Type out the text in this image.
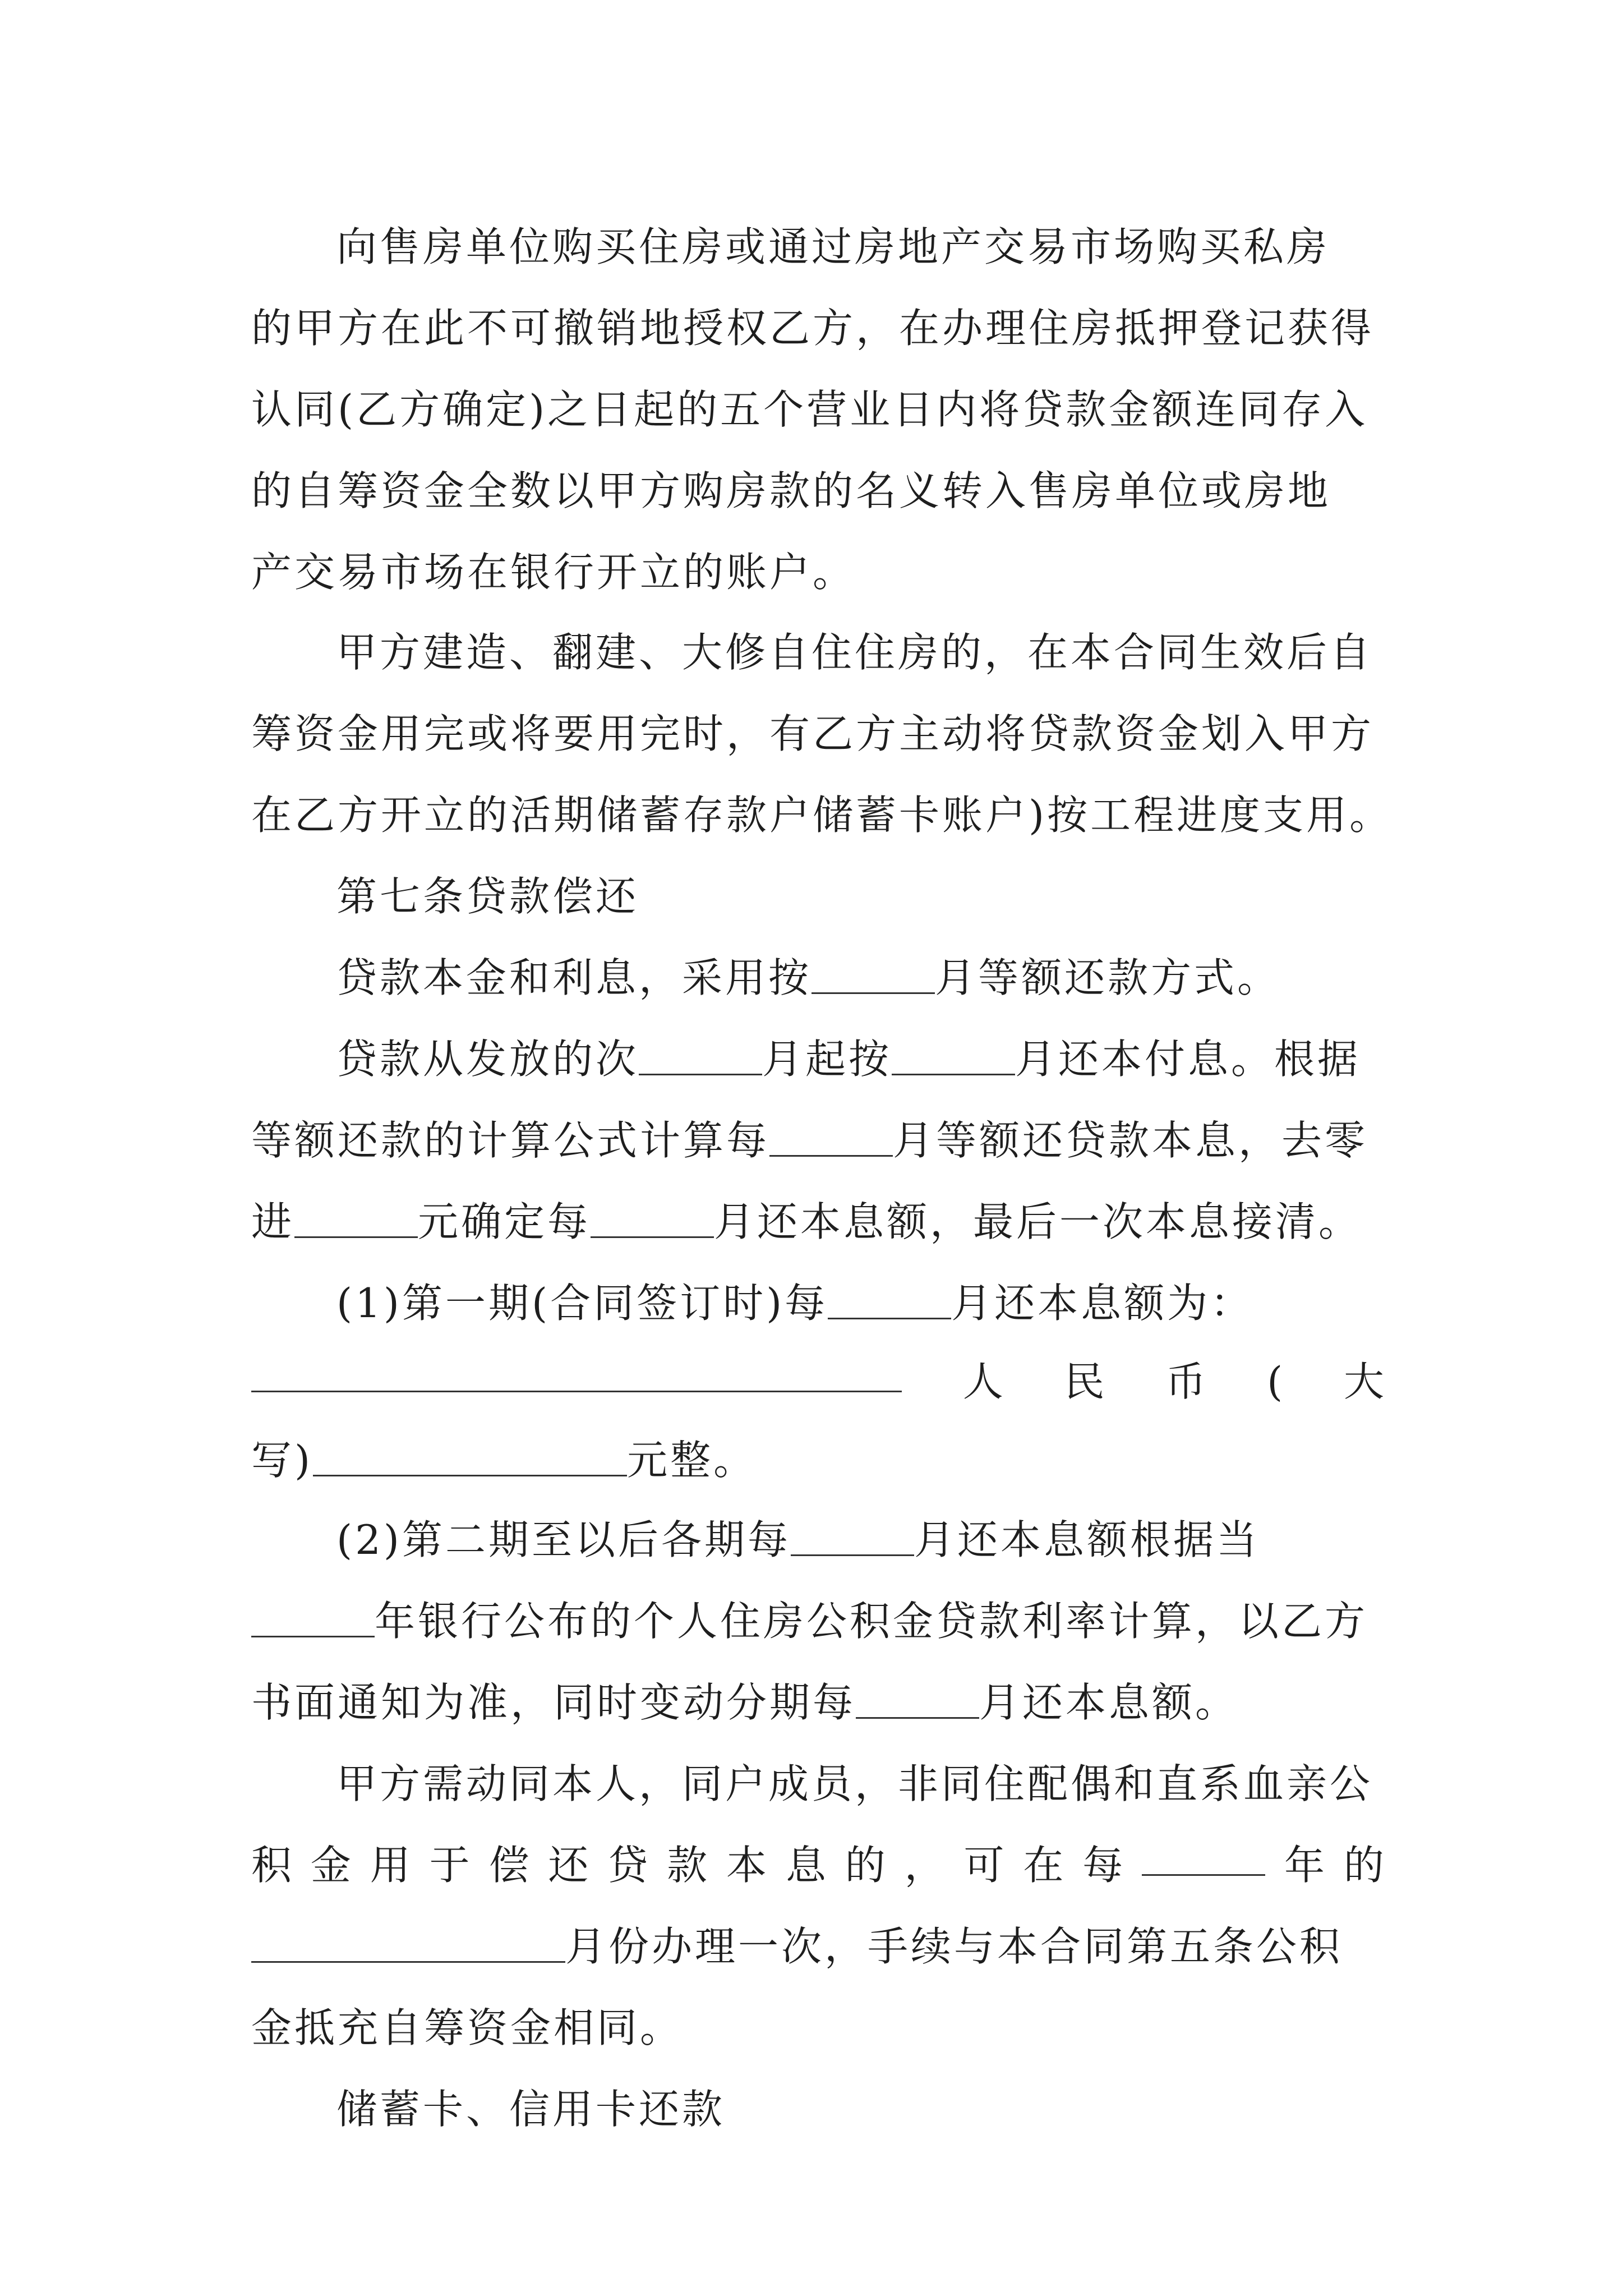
向售房单位购买住房或通过房地产交易市场购买私房
的甲方在此不可撤销地授权乙方，在办理住房抵押登记获得
认同(乙方确定)之日起的五个营业日内将贷款金额连同存入
的自筹资金全数以甲方购房款的名义转入售房单位或房地
产交易市场在银行开立的账户。
甲方建造、翻建、大修自住住房的，在本合同生效后自
筹资金用完或将要用完时，有乙方主动将贷款资金划入甲方
在乙方开立的活期储蓄存款户储蓄卡账户)按工程进度支用。
第七条贷款偿还
贷款本金和利息，采用按	月等额还款方式。
贷款从发放的次	月起按	月还本付息。根据
等额还款的计算公式计算每	月等额还贷款本息，去零
进	元确定每	月还本息额，最后一次本息接清。
(1)第一期(合同签订时)每	月还本息额为：
人 民 币 ( 大
写)	元整。
(2)第二期至以后各期每	月还本息额根据当
年银行公布的个人住房公积金贷款利率计算，以乙方
书面通知为准，同时变动分期每	月还本息额。
甲方需动同本人，同户成员，非同住配偶和直系血亲公
积 金 用 于 偿 还 贷 款 本 息 的 ， 可 在 每	年 的
月份办理一次，手续与本合同第五条公积
金抵充自筹资金相同。
储蓄卡、信用卡还款
